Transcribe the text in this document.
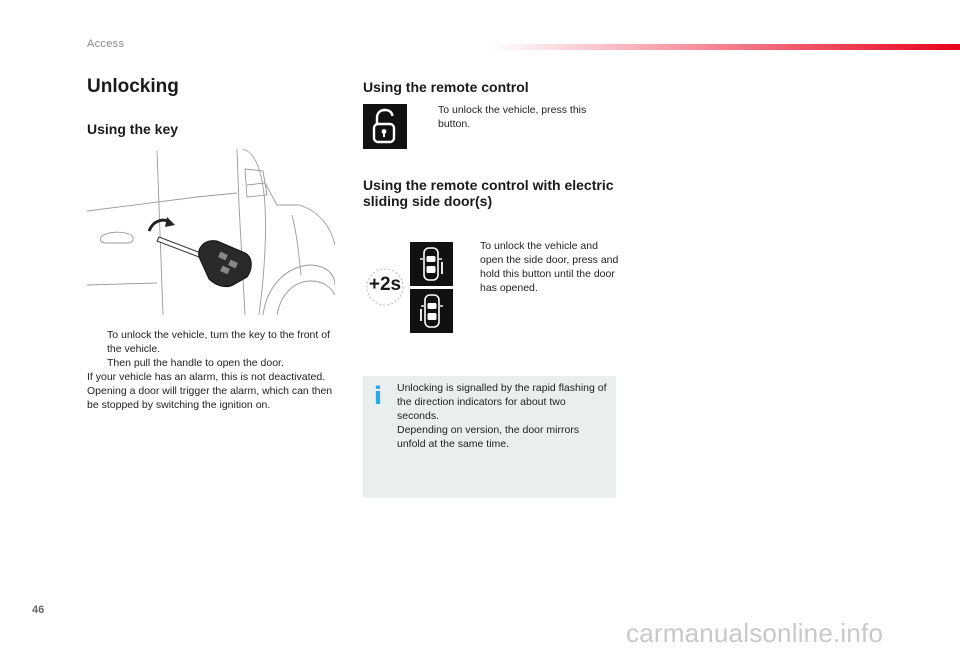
Access
Unlocking
Using the key
To unlock the vehicle, turn the key to the front of the vehicle.
Then pull the handle to open the door.

If your vehicle has an alarm, this is not deactivated. Opening a door will trigger the alarm, which can then be stopped by switching the ignition on.

Using the remote control
To unlock the vehicle, press this button.
Using the remote control with electric sliding side door(s)
+2s
To unlock the vehicle and open the side door, press and hold this button until the door has opened.
i Unlocking is signalled by the rapid flashing of the direction indicators for about two seconds.

Depending on version, the door mirrors unfold at the same time.

46
carmanualsonline.info
